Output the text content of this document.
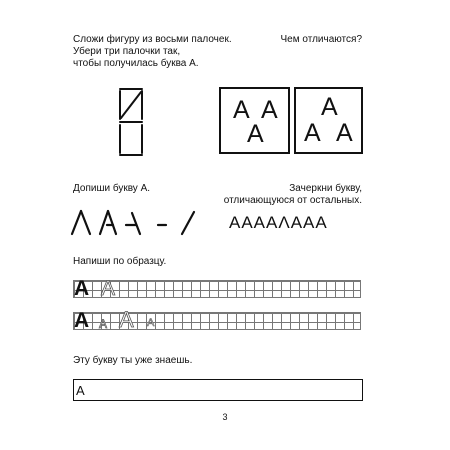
Сложи фигуру из восьми палочек.
Убери три палочки так,
чтобы получилась буква А.
Чем отличаются?
A A
A
A
A A
Допиши букву А.	Зачеркни букву,
отличающуюся от остальных.
AAAAΛAAA
Напиши по образцу.
A A
A A A A
Эту букву ты уже знаешь.
А
3
